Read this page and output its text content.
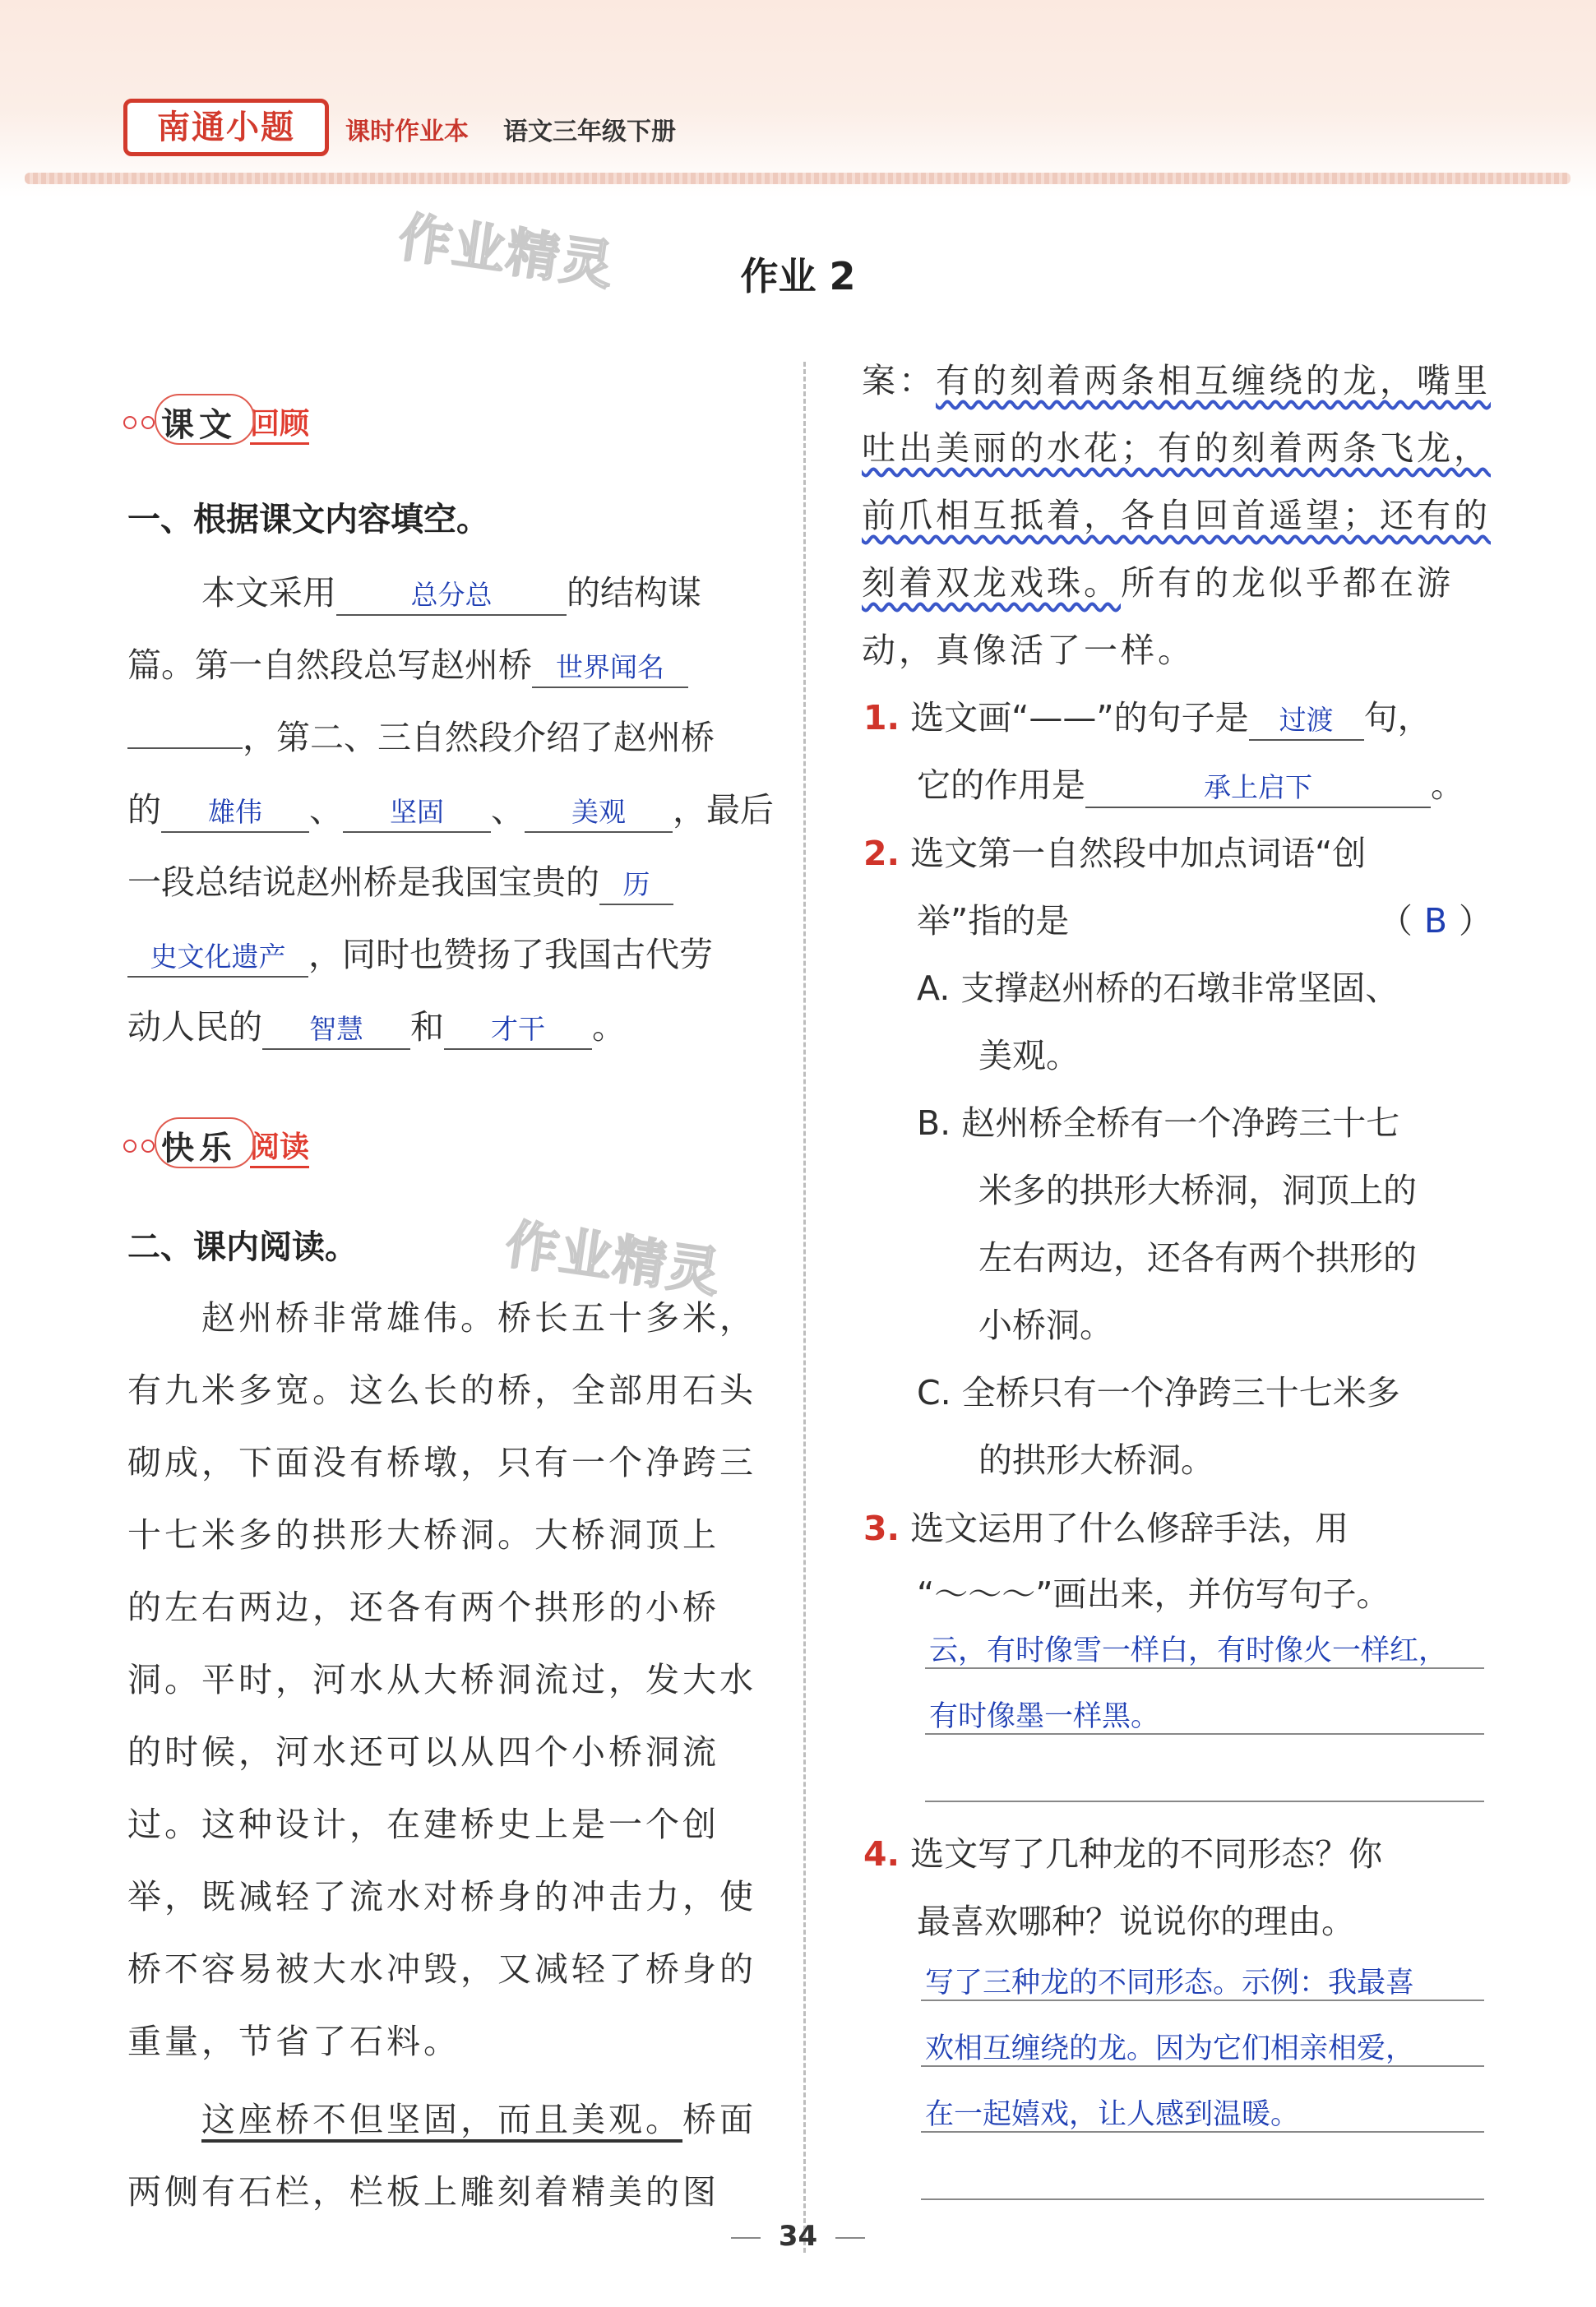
南通小题	课时作业本 语文三年级下册
作业精灵
作业精灵
作业 2
课文 回顾
一、根据课文内容填空。
本文采用	总分总 的结构谋
篇。第一自然段总写赵州桥 世界闻名
，第二、三自然段介绍了赵州桥
的 雄伟 、 坚固 、 美观 ，最后
一段总结说赵州桥是我国宝贵的 历
史文化遗产 ，同时也赞扬了我国古代劳
动人民的 智慧 和 才干 。
快乐 阅读
二、课内阅读。
赵州桥非常雄伟。桥长五十多米，
有九米多宽。这么长的桥，全部用石头
砌成，下面没有桥墩，只有一个净跨三
十七米多的拱形大桥洞。大桥洞顶上
的左右两边，还各有两个拱形的小桥
洞。平时，河水从大桥洞流过，发大水
的时候，河水还可以从四个小桥洞流
过。这种设计，在建桥史上是一个创
举，既减轻了流水对桥身的冲击力，使
桥不容易被大水冲毁，又减轻了桥身的
重量，节省了石料。
这座桥不但坚固，而且美观。桥面
两侧有石栏，栏板上雕刻着精美的图
案：有的刻着两条相互缠绕的龙，嘴里
吐出美丽的水花；有的刻着两条飞龙，
前爪相互抵着，各自回首遥望；还有的
刻着双龙戏珠。所有的龙似乎都在游
动，真像活了一样。
1. 选文画“——”的句子是 过渡 句，
它的作用是	承上启下	。
2. 选文第一自然段中加点词语“创
举”指的是	（ B ）
A. 支撑赵州桥的石墩非常坚固、
美观。
B. 赵州桥全桥有一个净跨三十七
米多的拱形大桥洞，洞顶上的
左右两边，还各有两个拱形的
小桥洞。
C. 全桥只有一个净跨三十七米多
的拱形大桥洞。
3. 选文运用了什么修辞手法，用
“～～～”画出来，并仿写句子。
云，有时像雪一样白，有时像火一样红，
有时像墨一样黑。
4. 选文写了几种龙的不同形态？你
最喜欢哪种？说说你的理由。
写了三种龙的不同形态。示例：我最喜
欢相互缠绕的龙。因为它们相亲相爱，
在一起嬉戏，让人感到温暖。
34
